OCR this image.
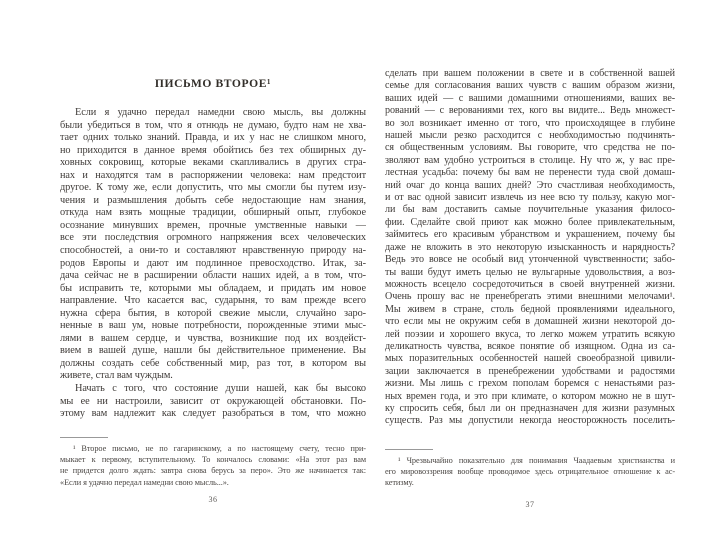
ПИСЬМО ВТОРОЕ¹
Если я удачно передал намедни свою мысль, вы должны
были убедиться в том, что я отнюдь не думаю, будто нам не хва-
тает одних только знаний. Правда, и их у нас не слишком много,
но приходится в данное время обойтись без тех обширных ду-
ховных сокровищ, которые веками скапливались в других стра-
нах и находятся там в распоряжении человека: нам предстоит
другое. К тому же, если допустить, что мы смогли бы путем изу-
чения и размышления добыть себе недостающие нам знания,
откуда нам взять мощные традиции, обширный опыт, глубокое
осознание минувших времен, прочные умственные навыки —
все эти последствия огромного напряжения всех человеческих
способностей, а они-то и составляют нравственную природу на-
родов Европы и дают им подлинное превосходство. Итак, за-
дача сейчас не в расширении области наших идей, а в том, что-
бы исправить те, которыми мы обладаем, и придать им новое
направление. Что касается вас, сударыня, то вам прежде всего
нужна сфера бытия, в которой свежие мысли, случайно заро-
ненные в ваш ум, новые потребности, порожденные этими мыс-
лями в вашем сердце, и чувства, возникшие под их воздейст-
вием в вашей душе, нашли бы действительное применение. Вы
должны создать себе собственный мир, раз тот, в котором вы
живете, стал вам чуждым.
Начать с того, что состояние души нашей, как бы высоко
мы ее ни настроили, зависит от окружающей обстановки. По-
этому вам надлежит как следует разобраться в том, что можно
¹ Второе письмо, не по гагаринскому, а по настоящему счету, тесно при-
мыкает к первому, вступительному. То кончалось словами: «На этот раз вам
не придется долго ждать: завтра снова берусь за перо». Это же начинается так:
«Если я удачно передал намедни свою мысль...».
36
сделать при вашем положении в свете и в собственной вашей
семье для согласования ваших чувств с вашим образом жизни,
ваших идей — с вашими домашними отношениями, ваших ве-
рований — с верованиями тех, кого вы видите... Ведь множест-
во зол возникает именно от того, что происходящее в глубине
нашей мысли резко расходится с необходимостью подчинять-
ся общественным условиям. Вы говорите, что средства не по-
зволяют вам удобно устроиться в столице. Ну что ж, у вас пре-
лестная усадьба: почему бы вам не перенести туда свой домаш-
ний очаг до конца ваших дней? Это счастливая необходимость,
и от вас одной зависит извлечь из нее всю ту пользу, какую мог-
ли бы вам доставить самые поучительные указания филосо-
фии. Сделайте свой приют как можно более привлекательным,
займитесь его красивым убранством и украшением, почему бы
даже не вложить в это некоторую изысканность и нарядность?
Ведь это вовсе не особый вид утонченной чувственности; забо-
ты ваши будут иметь целью не вульгарные удовольствия, а воз-
можность всецело сосредоточиться в своей внутренней жизни.
Очень прошу вас не пренебрегать этими внешними мелочами¹.
Мы живем в стране, столь бедной проявлениями идеального,
что если мы не окружим себя в домашней жизни некоторой до-
лей поэзии и хорошего вкуса, то легко можем утратить всякую
деликатность чувства, всякое понятие об изящном. Одна из са-
мых поразительных особенностей нашей своеобразной цивили-
зации заключается в пренебрежении удобствами и радостями
жизни. Мы лишь с грехом пополам боремся с ненастьями раз-
ных времен года, и это при климате, о котором можно не в шут-
ку спросить себя, был ли он предназначен для жизни разумных
существ. Раз мы допустили некогда неосторожность поселить-
¹ Чрезвычайно показательно для понимания Чаадаевым христианства и
его мировоззрения вообще проводимое здесь отрицательное отношение к ас-
кетизму.
37
